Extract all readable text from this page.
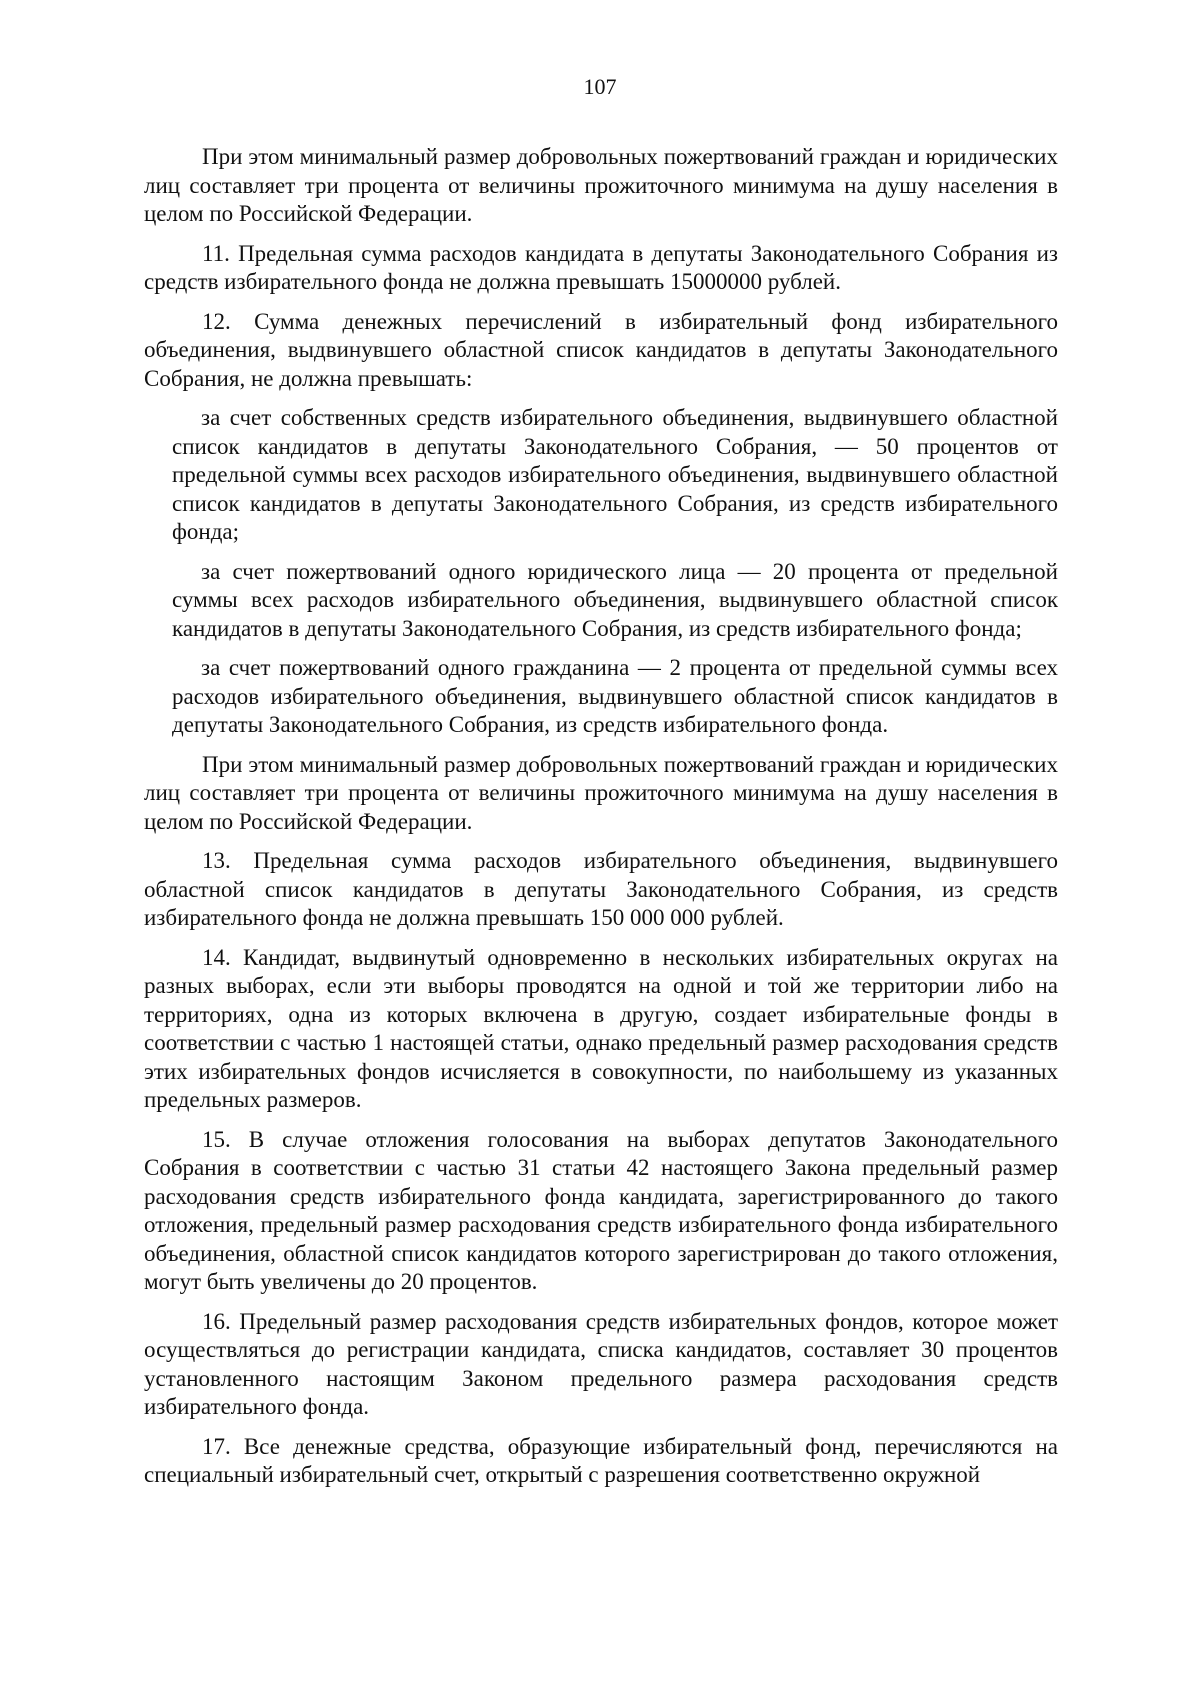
107

При этом минимальный размер добровольных пожертвований граждан и юридических лиц составляет три процента от величины прожиточного минимума на душу населения в целом по Российской Федерации.

11. Предельная сумма расходов кандидата в депутаты Законодательного Собрания из средств избирательного фонда не должна превышать 15000000 рублей.

12. Сумма денежных перечислений в избирательный фонд избирательного объединения, выдвинувшего областной список кандидатов в депутаты Законодательного Собрания, не должна превышать:

за счет собственных средств избирательного объединения, выдвинувшего областной список кандидатов в депутаты Законодательного Собрания, — 50 процентов от предельной суммы всех расходов избирательного объединения, выдвинувшего областной список кандидатов в депутаты Законодательного Собрания, из средств избирательного фонда;

за счет пожертвований одного юридического лица — 20 процента от предельной суммы всех расходов избирательного объединения, выдвинувшего областной список кандидатов в депутаты Законодательного Собрания, из средств избирательного фонда;

за счет пожертвований одного гражданина — 2 процента от предельной суммы всех расходов избирательного объединения, выдвинувшего областной список кандидатов в депутаты Законодательного Собрания, из средств избирательного фонда.

При этом минимальный размер добровольных пожертвований граждан и юридических лиц составляет три процента от величины прожиточного минимума на душу населения в целом по Российской Федерации.

13. Предельная сумма расходов избирательного объединения, выдвинувшего областной список кандидатов в депутаты Законодательного Собрания, из средств избирательного фонда не должна превышать 150 000 000 рублей.

14. Кандидат, выдвинутый одновременно в нескольких избирательных округах на разных выборах, если эти выборы проводятся на одной и той же территории либо на территориях, одна из которых включена в другую, создает избирательные фонды в соответствии с частью 1 настоящей статьи, однако предельный размер расходования средств этих избирательных фондов исчисляется в совокупности, по наибольшему из указанных предельных размеров.

15. В случае отложения голосования на выборах депутатов Законодательного Собрания в соответствии с частью 31 статьи 42 настоящего Закона предельный размер расходования средств избирательного фонда кандидата, зарегистрированного до такого отложения, предельный размер расходования средств избирательного фонда избирательного объединения, областной список кандидатов которого зарегистрирован до такого отложения, могут быть увеличены до 20 процентов.

16. Предельный размер расходования средств избирательных фондов, которое может осуществляться до регистрации кандидата, списка кандидатов, составляет 30 процентов установленного настоящим Законом предельного размера расходования средств избирательного фонда.

17. Все денежные средства, образующие избирательный фонд, перечисляются на специальный избирательный счет, открытый с разрешения соответственно окружной
